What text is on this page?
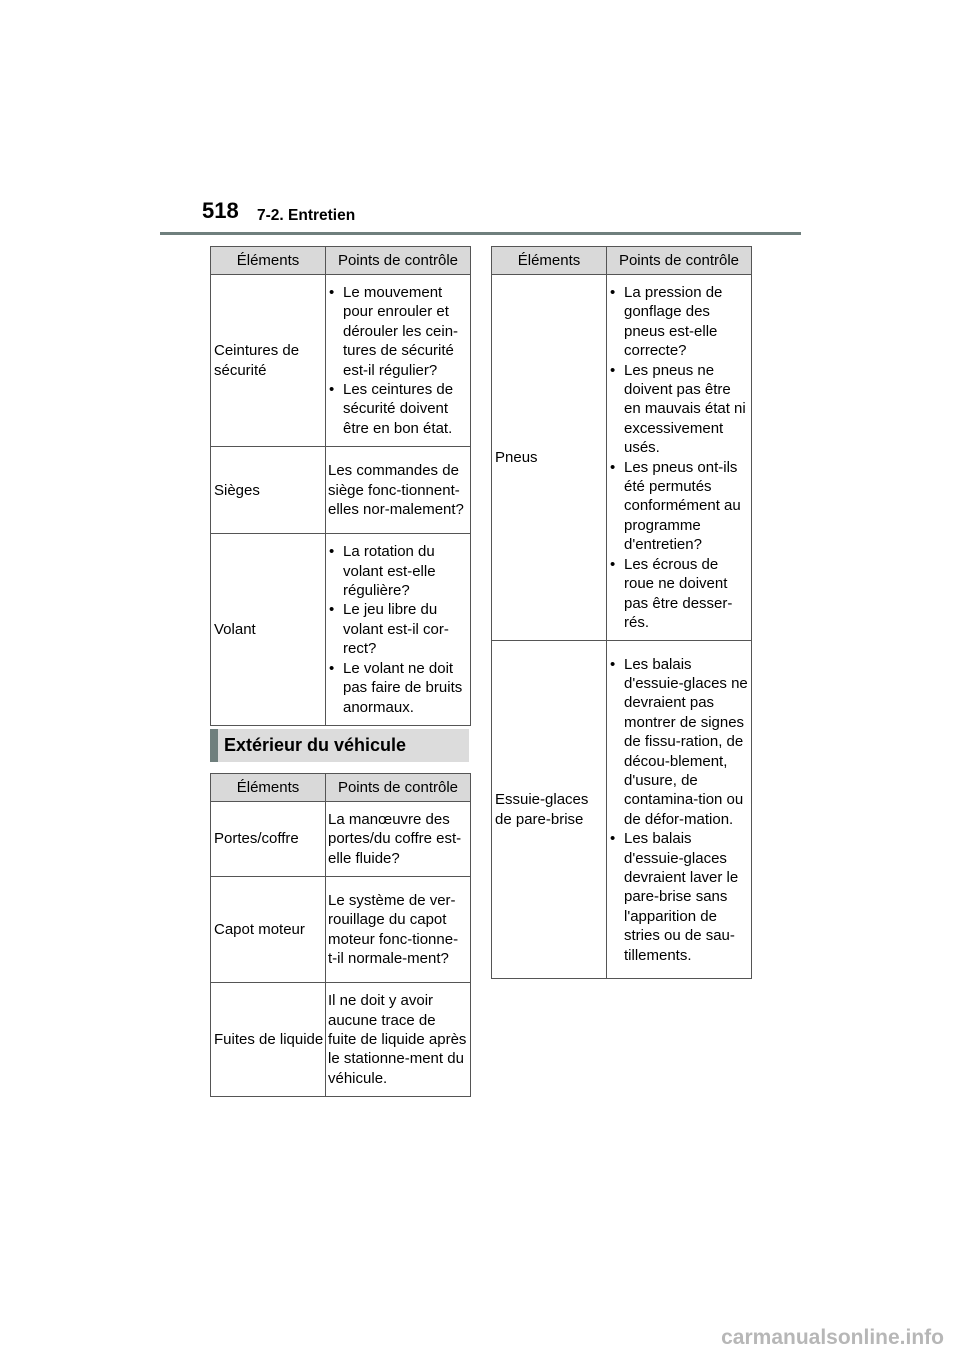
518 7-2. Entretien
Éléments	Points de contrôle
Ceintures de sécurité	• Le mouvement pour enrouler et dérouler les cein-tures de sécurité est-il régulier?
• Les ceintures de sécurité doivent être en bon état.

Sièges	Les commandes de siège fonc-tionnent-elles nor-malement?
Volant	• La rotation du volant est-elle régulière?
• Le jeu libre du volant est-il cor-rect?
• Le volant ne doit pas faire de bruits anormaux.
Extérieur du véhicule
Éléments	Points de contrôle
Portes/coffre	La manœuvre des portes/du coffre est-elle fluide?
Capot moteur	Le système de ver-rouillage du capot moteur fonc-tionne-t-il normale-ment?
Fuites de liquide	Il ne doit y avoir aucune trace de fuite de liquide après le stationne-ment du véhicule.
Éléments	Points de contrôle
Pneus	• La pression de gonflage des pneus est-elle correcte?
• Les pneus ne doivent pas être en mauvais état ni excessivement usés.
• Les pneus ont-ils été permutés conformément au programme d'entretien?
• Les écrous de roue ne doivent pas être desser-rés.

Essuie-glaces de pare-brise	• Les balais d'essuie-glaces ne devraient pas montrer de signes de fissu-ration, de décou-blement, d'usure, de contamina-tion ou de défor-mation.
• Les balais d'essuie-glaces devraient laver le pare-brise sans l'apparition de stries ou de sau-tillements.
carmanualsonline.info
